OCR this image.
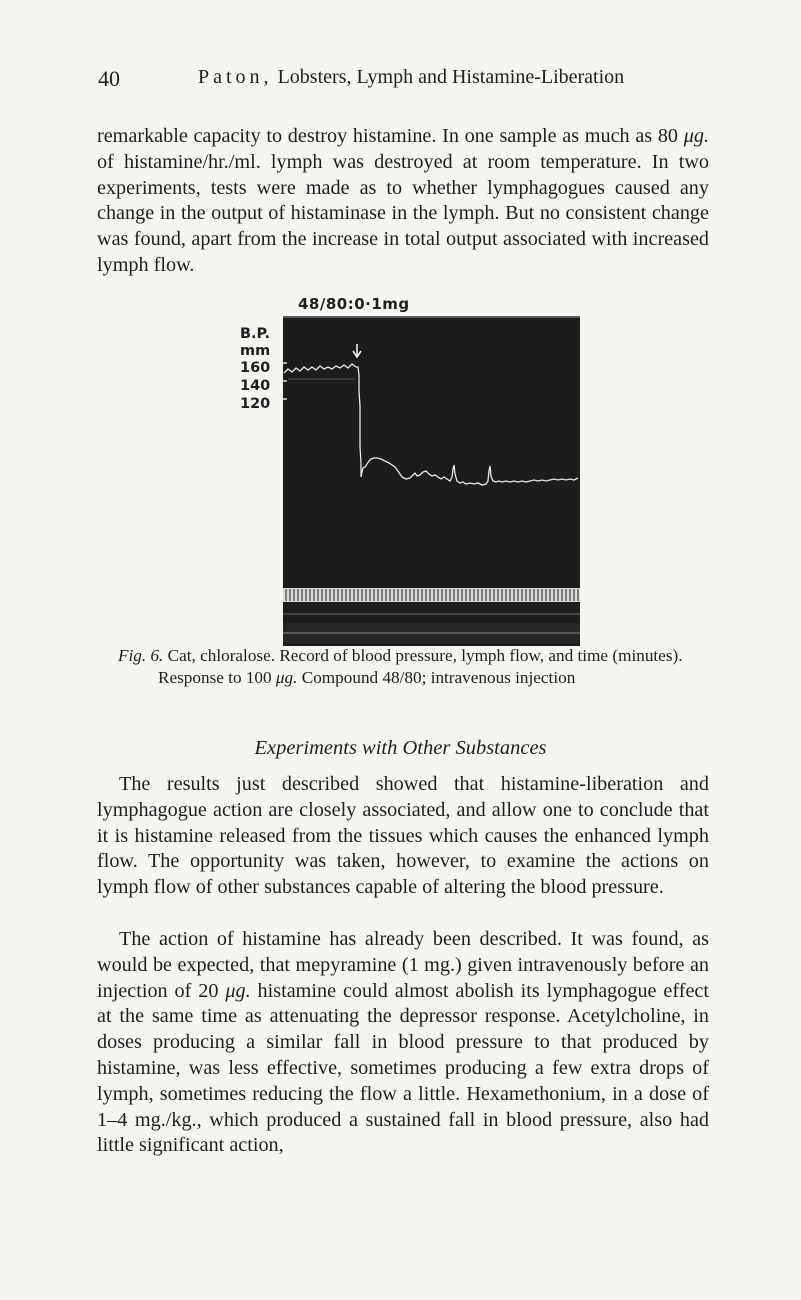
40	Paton, Lobsters, Lymph and Histamine-Liberation

remarkable capacity to destroy histamine. In one sample as much as 80 μg. of histamine/hr./ml. lymph was destroyed at room temperature. In two experiments, tests were made as to whether lymphagogues caused any change in the output of histaminase in the lymph. But no consistent change was found, apart from the increase in total output associated with increased lymph flow.

48/80:0·1mg
B.P.
mm
160
140
120
Fig. 6. Cat, chloralose. Record of blood pressure, lymph flow, and time (minutes).
Response to 100 μg. Compound 48/80; intravenous injection
Experiments with Other Substances

The results just described showed that histamine-liberation and lymphagogue action are closely associated, and allow one to conclude that it is histamine released from the tissues which causes the enhanced lymph flow. The opportunity was taken, however, to examine the actions on lymph flow of other substances capable of altering the blood pressure.

The action of histamine has already been described. It was found, as would be expected, that mepyramine (1 mg.) given intravenously before an injection of 20 μg. histamine could almost abolish its lymphagogue effect at the same time as attenuating the depressor response. Acetylcholine, in doses producing a similar fall in blood pressure to that produced by histamine, was less effective, sometimes producing a few extra drops of lymph, sometimes reducing the flow a little. Hexamethonium, in a dose of 1–4 mg./kg., which produced a sustained fall in blood pressure, also had little significant action,
